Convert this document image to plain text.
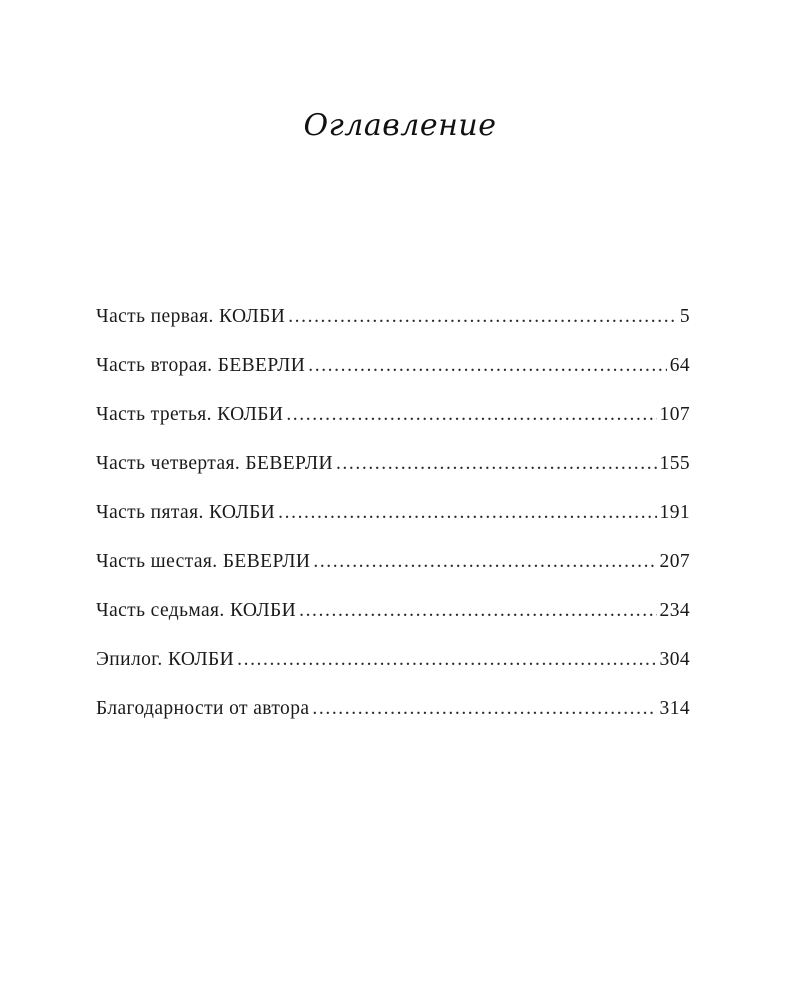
Оглавление
Часть первая. КОЛБИ .....	5
Часть вторая. БЕВЕРЛИ .....	64
Часть третья. КОЛБИ .....	107
Часть четвертая. БЕВЕРЛИ .....	155
Часть пятая. КОЛБИ .....	191
Часть шестая. БЕВЕРЛИ .....	207
Часть седьмая. КОЛБИ .....	234
Эпилог. КОЛБИ .....	304
Благодарности от автора .....	314
